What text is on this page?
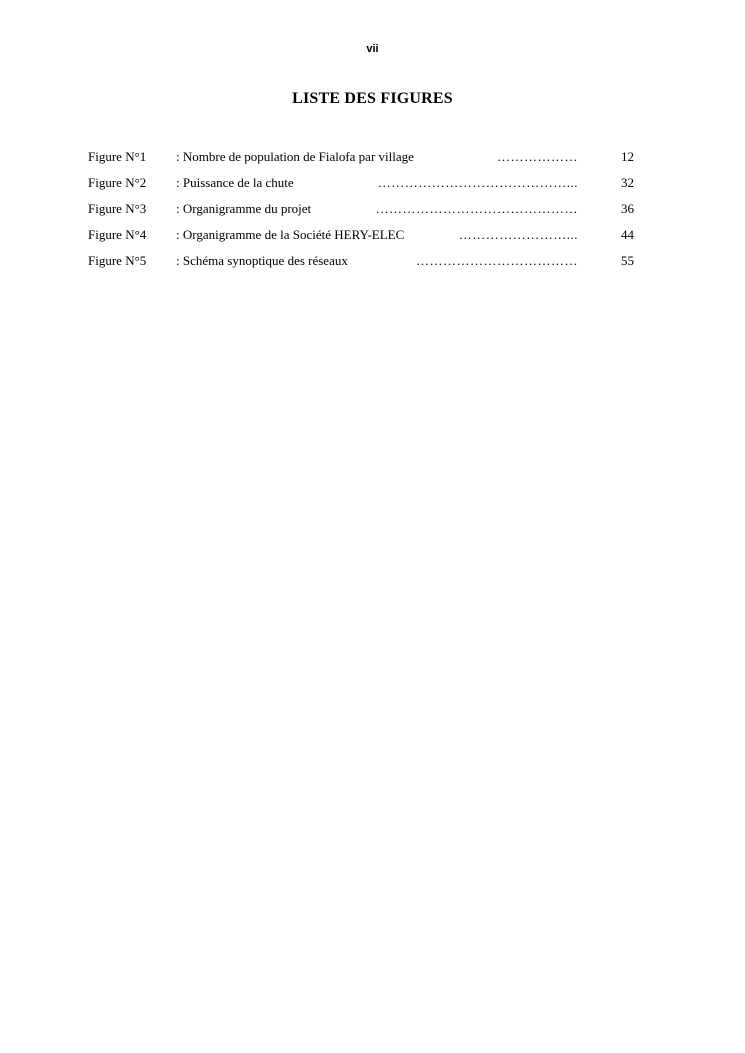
vii
LISTE DES FIGURES
Figure N°1 : Nombre de population de Fialofa par village	………………	12
Figure N°2 : Puissance de la chute	……………………………………...	32
Figure N°3 : Organigramme du projet	………………………………………	36
Figure N°4 : Organigramme de la Société HERY-ELEC	……………………...	44
Figure N°5 : Schéma synoptique des réseaux	………………………………	55
